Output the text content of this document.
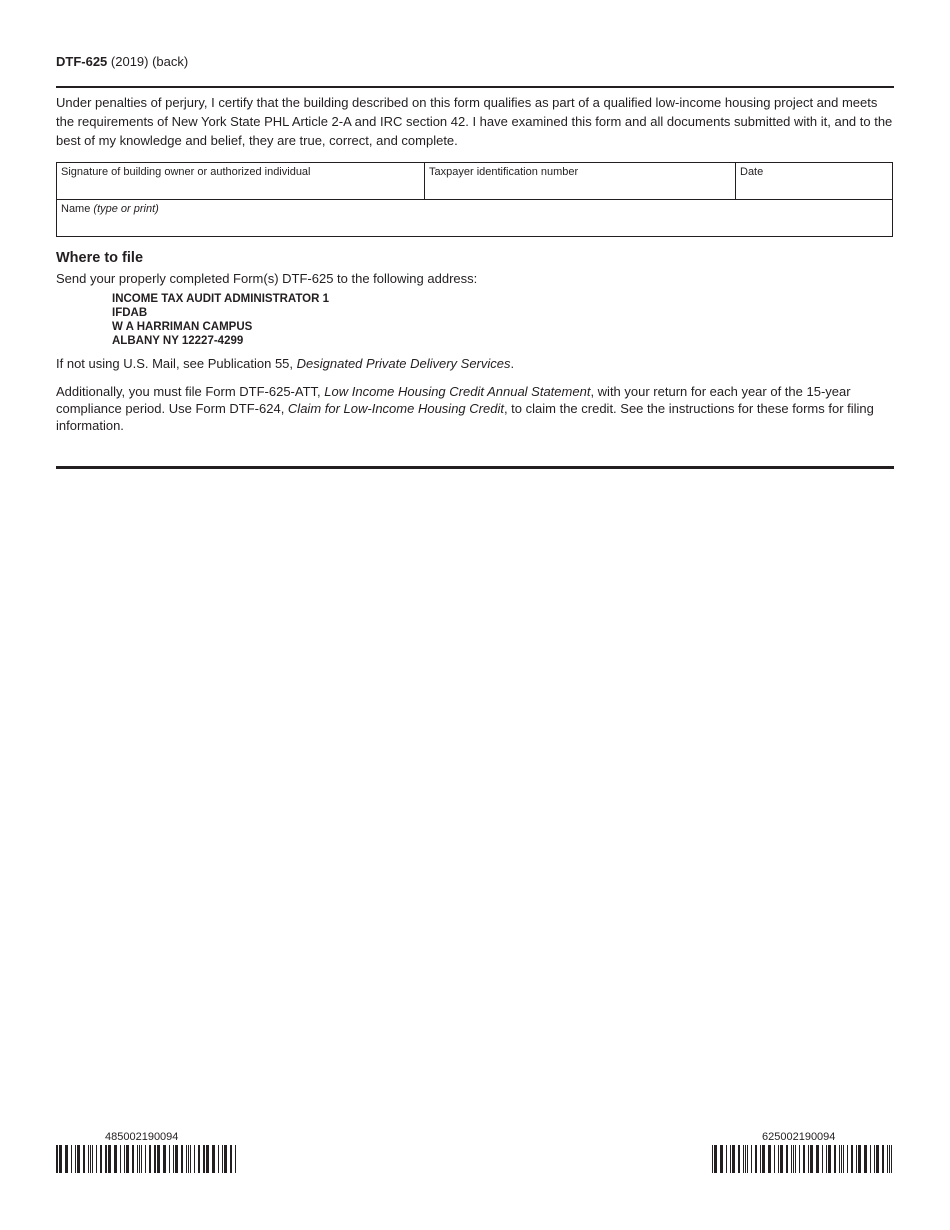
DTF-625 (2019) (back)
Under penalties of perjury, I certify that the building described on this form qualifies as part of a qualified low-income housing project and meets the requirements of New York State PHL Article 2-A and IRC section 42. I have examined this form and all documents submitted with it, and to the best of my knowledge and belief, they are true, correct, and complete.
Signature of building owner or authorized individual	Taxpayer identification number	Date
Name (type or print)
Where to file
Send your properly completed Form(s) DTF-625 to the following address:
INCOME TAX AUDIT ADMINISTRATOR 1
IFDAB
W A HARRIMAN CAMPUS
ALBANY NY 12227-4299
If not using U.S. Mail, see Publication 55, Designated Private Delivery Services.
Additionally, you must file Form DTF-625-ATT, Low Income Housing Credit Annual Statement, with your return for each year of the 15-year compliance period. Use Form DTF-624, Claim for Low-Income Housing Credit, to claim the credit. See the instructions for these forms for filing information.
485002190094	625002190094
